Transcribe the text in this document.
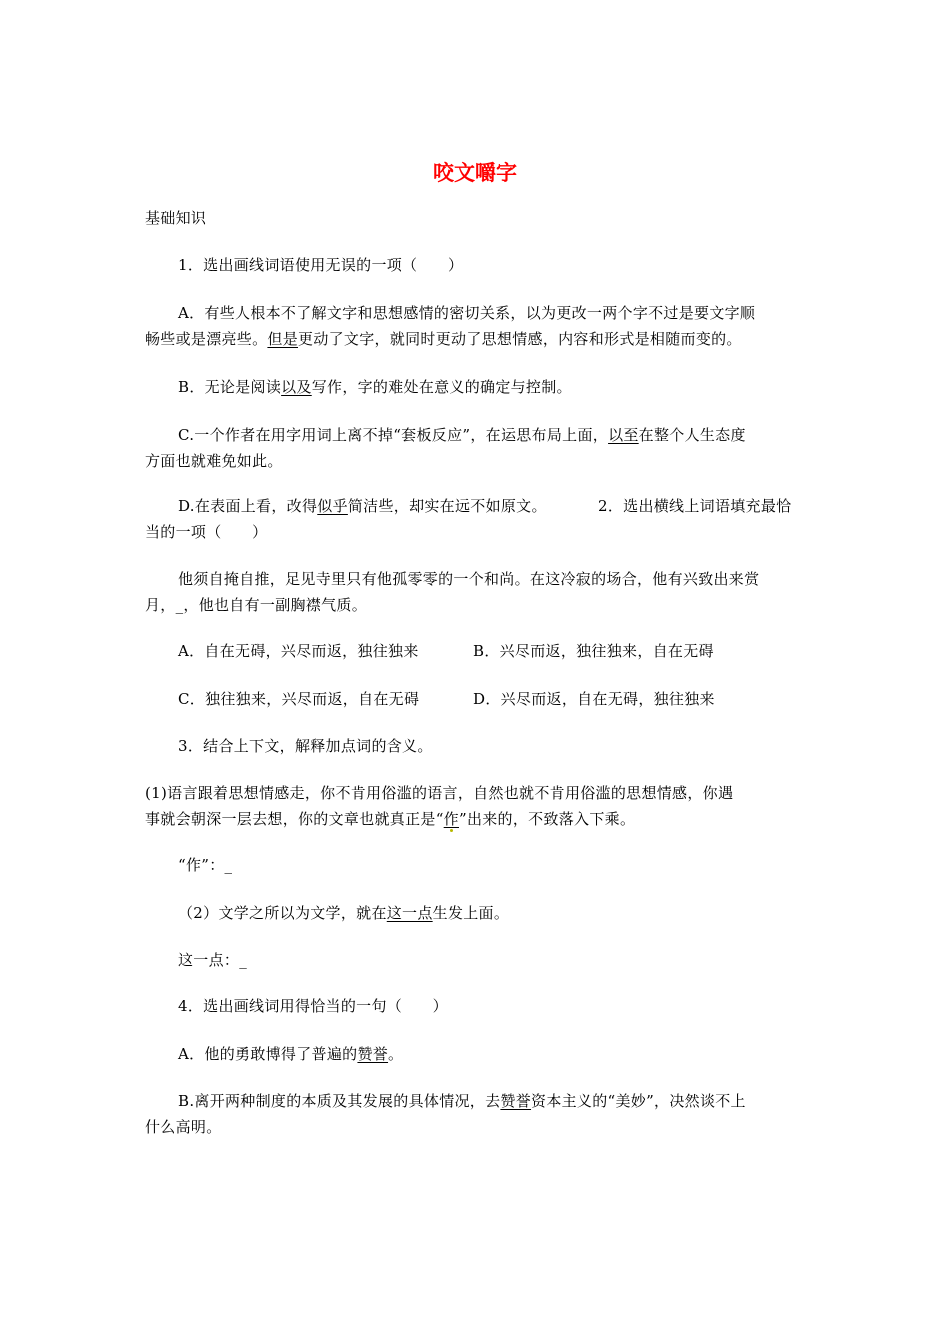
咬文嚼字
基础知识
1．选出画线词语使用无误的一项（　　）
A．有些人根本不了解文字和思想感情的密切关系，以为更改一两个字不过是要文字顺
畅些或是漂亮些。但是更动了文字，就同时更动了思想情感，内容和形式是相随而变的。
B．无论是阅读以及写作，字的难处在意义的确定与控制。
C.一个作者在用字用词上离不掉“套板反应”，在运思布局上面，以至在整个人生态度
方面也就难免如此。
D.在表面上看，改得似乎简洁些，却实在远不如原文。	2．选出横线上词语填充最恰
当的一项（　　）
他须自掩自推，足见寺里只有他孤零零的一个和尚。在这冷寂的场合，他有兴致出来赏
月，_，他也自有一副胸襟气质。
A．自在无碍，兴尽而返，独往独来	B．兴尽而返，独往独来，自在无碍
C．独往独来，兴尽而返，自在无碍	D．兴尽而返，自在无碍，独往独来
3．结合上下文，解释加点词的含义。
(1)语言跟着思想情感走，你不肯用俗滥的语言，自然也就不肯用俗滥的思想情感，你遇
事就会朝深一层去想，你的文章也就真正是“作”出来的，不致落入下乘。
“作”：_
（2）文学之所以为文学，就在这一点生发上面。
这一点：_
4．选出画线词用得恰当的一句（　　）
A．他的勇敢博得了普遍的赞誉。
B.离开两种制度的本质及其发展的具体情况，去赞誉资本主义的“美妙”，决然谈不上
什么高明。
